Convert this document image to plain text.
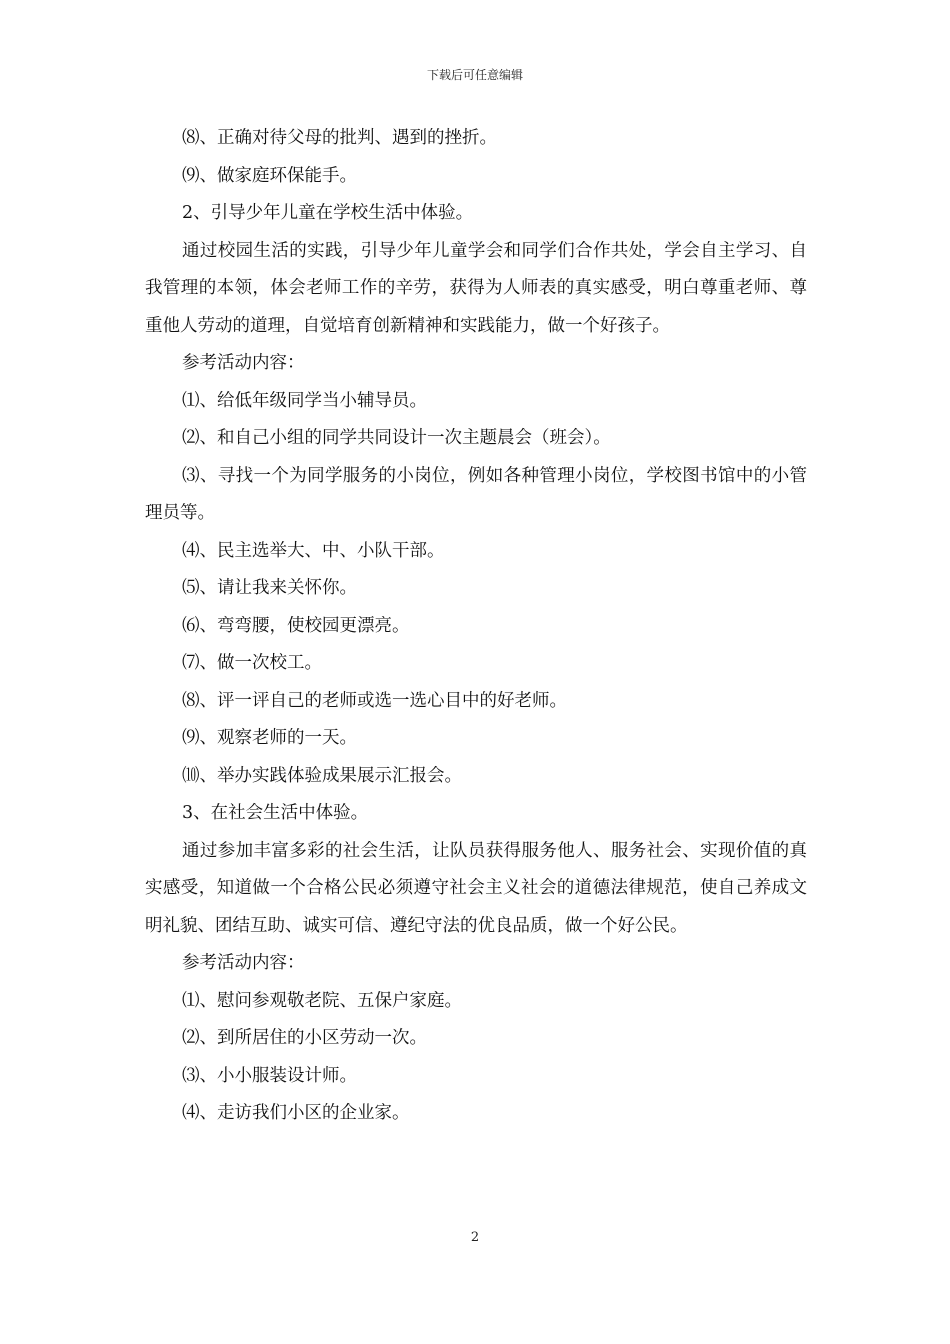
下载后可任意编辑

⑻、正确对待父母的批判、遇到的挫折。

⑼、做家庭环保能手。

2、引导少年儿童在学校生活中体验。

通过校园生活的实践，引导少年儿童学会和同学们合作共处，学会自主学习、自我管理的本领，体会老师工作的辛劳，获得为人师表的真实感受，明白尊重老师、尊重他人劳动的道理，自觉培育创新精神和实践能力，做一个好孩子。

参考活动内容：

⑴、给低年级同学当小辅导员。

⑵、和自己小组的同学共同设计一次主题晨会（班会）。

⑶、寻找一个为同学服务的小岗位，例如各种管理小岗位，学校图书馆中的小管理员等。

⑷、民主选举大、中、小队干部。

⑸、请让我来关怀你。

⑹、弯弯腰，使校园更漂亮。

⑺、做一次校工。

⑻、评一评自己的老师或选一选心目中的好老师。

⑼、观察老师的一天。

⑽、举办实践体验成果展示汇报会。

3、在社会生活中体验。

通过参加丰富多彩的社会生活，让队员获得服务他人、服务社会、实现价值的真实感受，知道做一个合格公民必须遵守社会主义社会的道德法律规范，使自己养成文明礼貌、团结互助、诚实可信、遵纪守法的优良品质，做一个好公民。

参考活动内容：

⑴、慰问参观敬老院、五保户家庭。

⑵、到所居住的小区劳动一次。

⑶、小小服装设计师。

⑷、走访我们小区的企业家。

2
